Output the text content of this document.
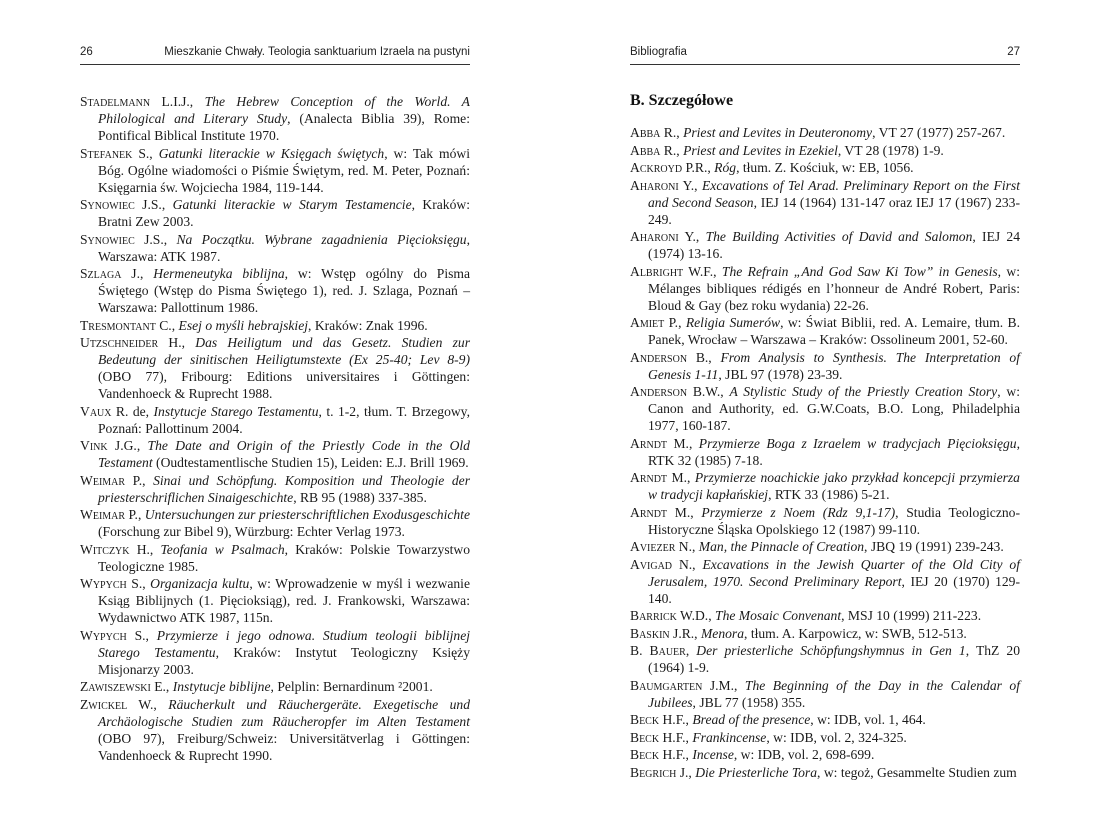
26	Mieszkanie Chwały. Teologia sanktuarium Izraela na pustyni

Stadelmann L.I.J., The Hebrew Conception of the World. A Philological and Literary Study, (Analecta Biblia 39), Rome: Pontifical Biblical Institute 1970.

Stefanek S., Gatunki literackie w Księgach świętych, w: Tak mówi Bóg. Ogólne wiadomości o Piśmie Świętym, red. M. Peter, Poznań: Księgarnia św. Wojciecha 1984, 119-144.

Synowiec J.S., Gatunki literackie w Starym Testamencie, Kraków: Bratni Zew 2003.

Synowiec J.S., Na Początku. Wybrane zagadnienia Pięcioksięgu, Warszawa: ATK 1987.

Szlaga J., Hermeneutyka biblijna, w: Wstęp ogólny do Pisma Świętego (Wstęp do Pisma Świętego 1), red. J. Szlaga, Poznań – Warszawa: Pallottinum 1986.

Tresmontant C., Esej o myśli hebrajskiej, Kraków: Znak 1996.

Utzschneider H., Das Heiligtum und das Gesetz. Studien zur Bedeutung der sinitischen Heiligtumstexte (Ex 25-40; Lev 8-9) (OBO 77), Fribourg: Editions universitaires i Göttingen: Vandenhoeck & Ruprecht 1988.

Vaux R. de, Instytucje Starego Testamentu, t. 1-2, tłum. T. Brzegowy, Poznań: Pallottinum 2004.

Vink J.G., The Date and Origin of the Priestly Code in the Old Testament (Oudtestamentlische Studien 15), Leiden: E.J. Brill 1969.

Weimar P., Sinai und Schöpfung. Komposition und Theologie der priesterschriflichen Sinaigeschichte, RB 95 (1988) 337-385.

Weimar P., Untersuchungen zur priesterschriftlichen Exodusgeschichte (Forschung zur Bibel 9), Würzburg: Echter Verlag 1973.

Witczyk H., Teofania w Psalmach, Kraków: Polskie Towarzystwo Teologiczne 1985.

Wypych S., Organizacja kultu, w: Wprowadzenie w myśl i wezwanie Ksiąg Biblijnych (1. Pięcioksiąg), red. J. Frankowski, Warszawa: Wydawnictwo ATK 1987, 115n.

Wypych S., Przymierze i jego odnowa. Studium teologii biblijnej Starego Testamentu, Kraków: Instytut Teologiczny Księży Misjonarzy 2003.

Zawiszewski E., Instytucje biblijne, Pelplin: Bernardinum ²2001.

Zwickel W., Räucherkult und Räuchergeräte. Exegetische und Archäologische Studien zum Räucheropfer im Alten Testament (OBO 97), Freiburg/Schweiz: Universitätverlag i Göttingen: Vandenhoeck & Ruprecht 1990.

Bibliografia	27
B. Szczegółowe

Abba R., Priest and Levites in Deuteronomy, VT 27 (1977) 257-267.

Abba R., Priest and Levites in Ezekiel, VT 28 (1978) 1-9.

Ackroyd P.R., Róg, tłum. Z. Kościuk, w: EB, 1056.

Aharoni Y., Excavations of Tel Arad. Preliminary Report on the First and Second Season, IEJ 14 (1964) 131-147 oraz IEJ 17 (1967) 233-249.

Aharoni Y., The Building Activities of David and Salomon, IEJ 24 (1974) 13-16.

Albright W.F., The Refrain „And God Saw Ki Tow” in Genesis, w: Mélanges bibliques rédigés en l’honneur de André Robert, Paris: Bloud & Gay (bez roku wydania) 22-26.

Amiet P., Religia Sumerów, w: Świat Biblii, red. A. Lemaire, tłum. B. Panek, Wrocław – Warszawa – Kraków: Ossolineum 2001, 52-60.

Anderson B., From Analysis to Synthesis. The Interpretation of Genesis 1-11, JBL 97 (1978) 23-39.

Anderson B.W., A Stylistic Study of the Priestly Creation Story, w: Canon and Authority, ed. G.W.Coats, B.O. Long, Philadelphia 1977, 160-187.

Arndt M., Przymierze Boga z Izraelem w tradycjach Pięcioksięgu, RTK 32 (1985) 7-18.

Arndt M., Przymierze noachickie jako przykład koncepcji przymierza w tradycji kapłańskiej, RTK 33 (1986) 5-21.

Arndt M., Przymierze z Noem (Rdz 9,1-17), Studia Teologiczno-Historyczne Śląska Opolskiego 12 (1987) 99-110.

Aviezer N., Man, the Pinnacle of Creation, JBQ 19 (1991) 239-243.

Avigad N., Excavations in the Jewish Quarter of the Old City of Jerusalem, 1970. Second Preliminary Report, IEJ 20 (1970) 129-140.

Barrick W.D., The Mosaic Convenant, MSJ 10 (1999) 211-223.

Baskin J.R., Menora, tłum. A. Karpowicz, w: SWB, 512-513.

B. Bauer, Der priesterliche Schöpfungshymnus in Gen 1, ThZ 20 (1964) 1-9.

Baumgarten J.M., The Beginning of the Day in the Calendar of Jubilees, JBL 77 (1958) 355.

Beck H.F., Bread of the presence, w: IDB, vol. 1, 464.

Beck H.F., Frankincense, w: IDB, vol. 2, 324-325.

Beck H.F., Incense, w: IDB, vol. 2, 698-699.

Begrich J., Die Priesterliche Tora, w: tegoż, Gesammelte Studien zum
